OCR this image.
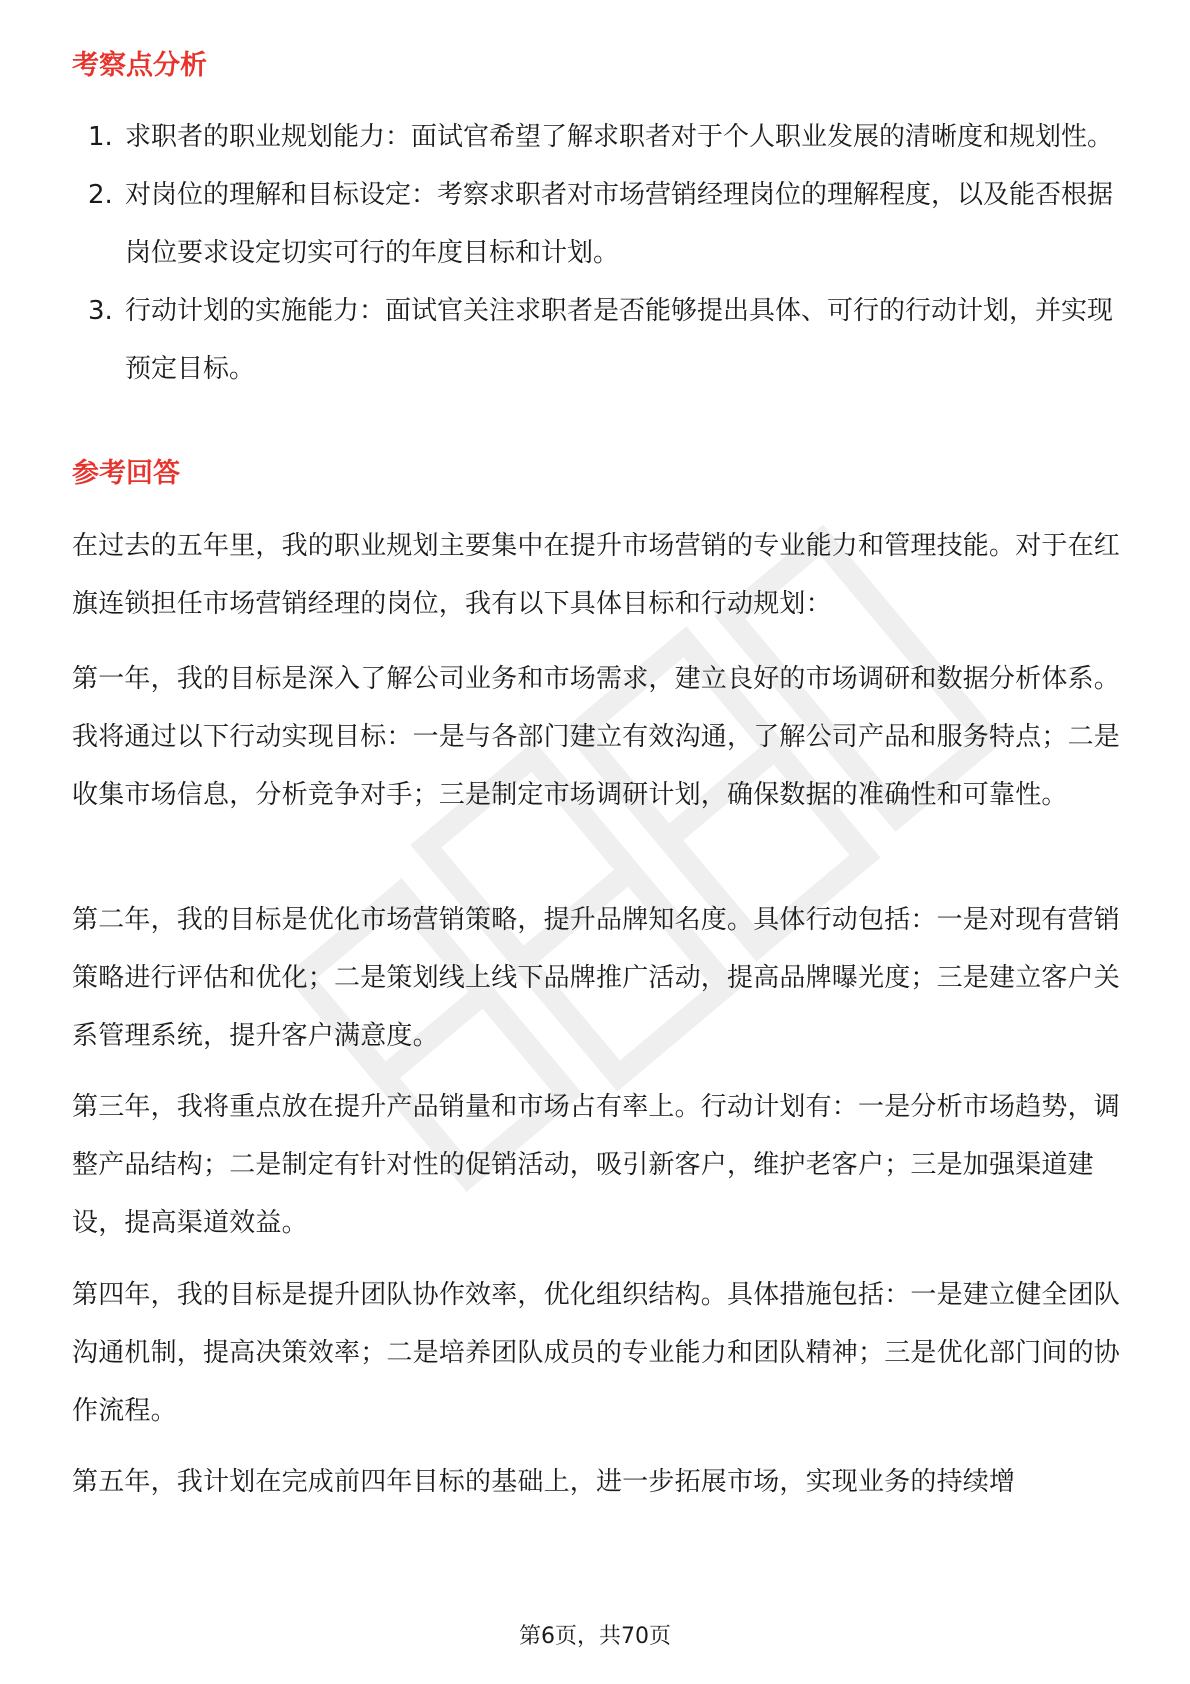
考察点分析
1. 求职者的职业规划能力：面试官希望了解求职者对于个人职业发展的清晰度和规划性。
2. 对岗位的理解和目标设定：考察求职者对市场营销经理岗位的理解程度，以及能否根据岗位要求设定切实可行的年度目标和计划。
3. 行动计划的实施能力：面试官关注求职者是否能够提出具体、可行的行动计划，并实现预定目标。
参考回答

在过去的五年里，我的职业规划主要集中在提升市场营销的专业能力和管理技能。对于在红旗连锁担任市场营销经理的岗位，我有以下具体目标和行动规划：

第一年，我的目标是深入了解公司业务和市场需求，建立良好的市场调研和数据分析体系。我将通过以下行动实现目标：一是与各部门建立有效沟通，了解公司产品和服务特点；二是收集市场信息，分析竞争对手；三是制定市场调研计划，确保数据的准确性和可靠性。

第二年，我的目标是优化市场营销策略，提升品牌知名度。具体行动包括：一是对现有营销策略进行评估和优化；二是策划线上线下品牌推广活动，提高品牌曝光度；三是建立客户关系管理系统，提升客户满意度。

第三年，我将重点放在提升产品销量和市场占有率上。行动计划有：一是分析市场趋势，调整产品结构；二是制定有针对性的促销活动，吸引新客户，维护老客户；三是加强渠道建设，提高渠道效益。

第四年，我的目标是提升团队协作效率，优化组织结构。具体措施包括：一是建立健全团队沟通机制，提高决策效率；二是培养团队成员的专业能力和团队精神；三是优化部门间的协作流程。

第五年，我计划在完成前四年目标的基础上，进一步拓展市场，实现业务的持续增

第6页，共70页
